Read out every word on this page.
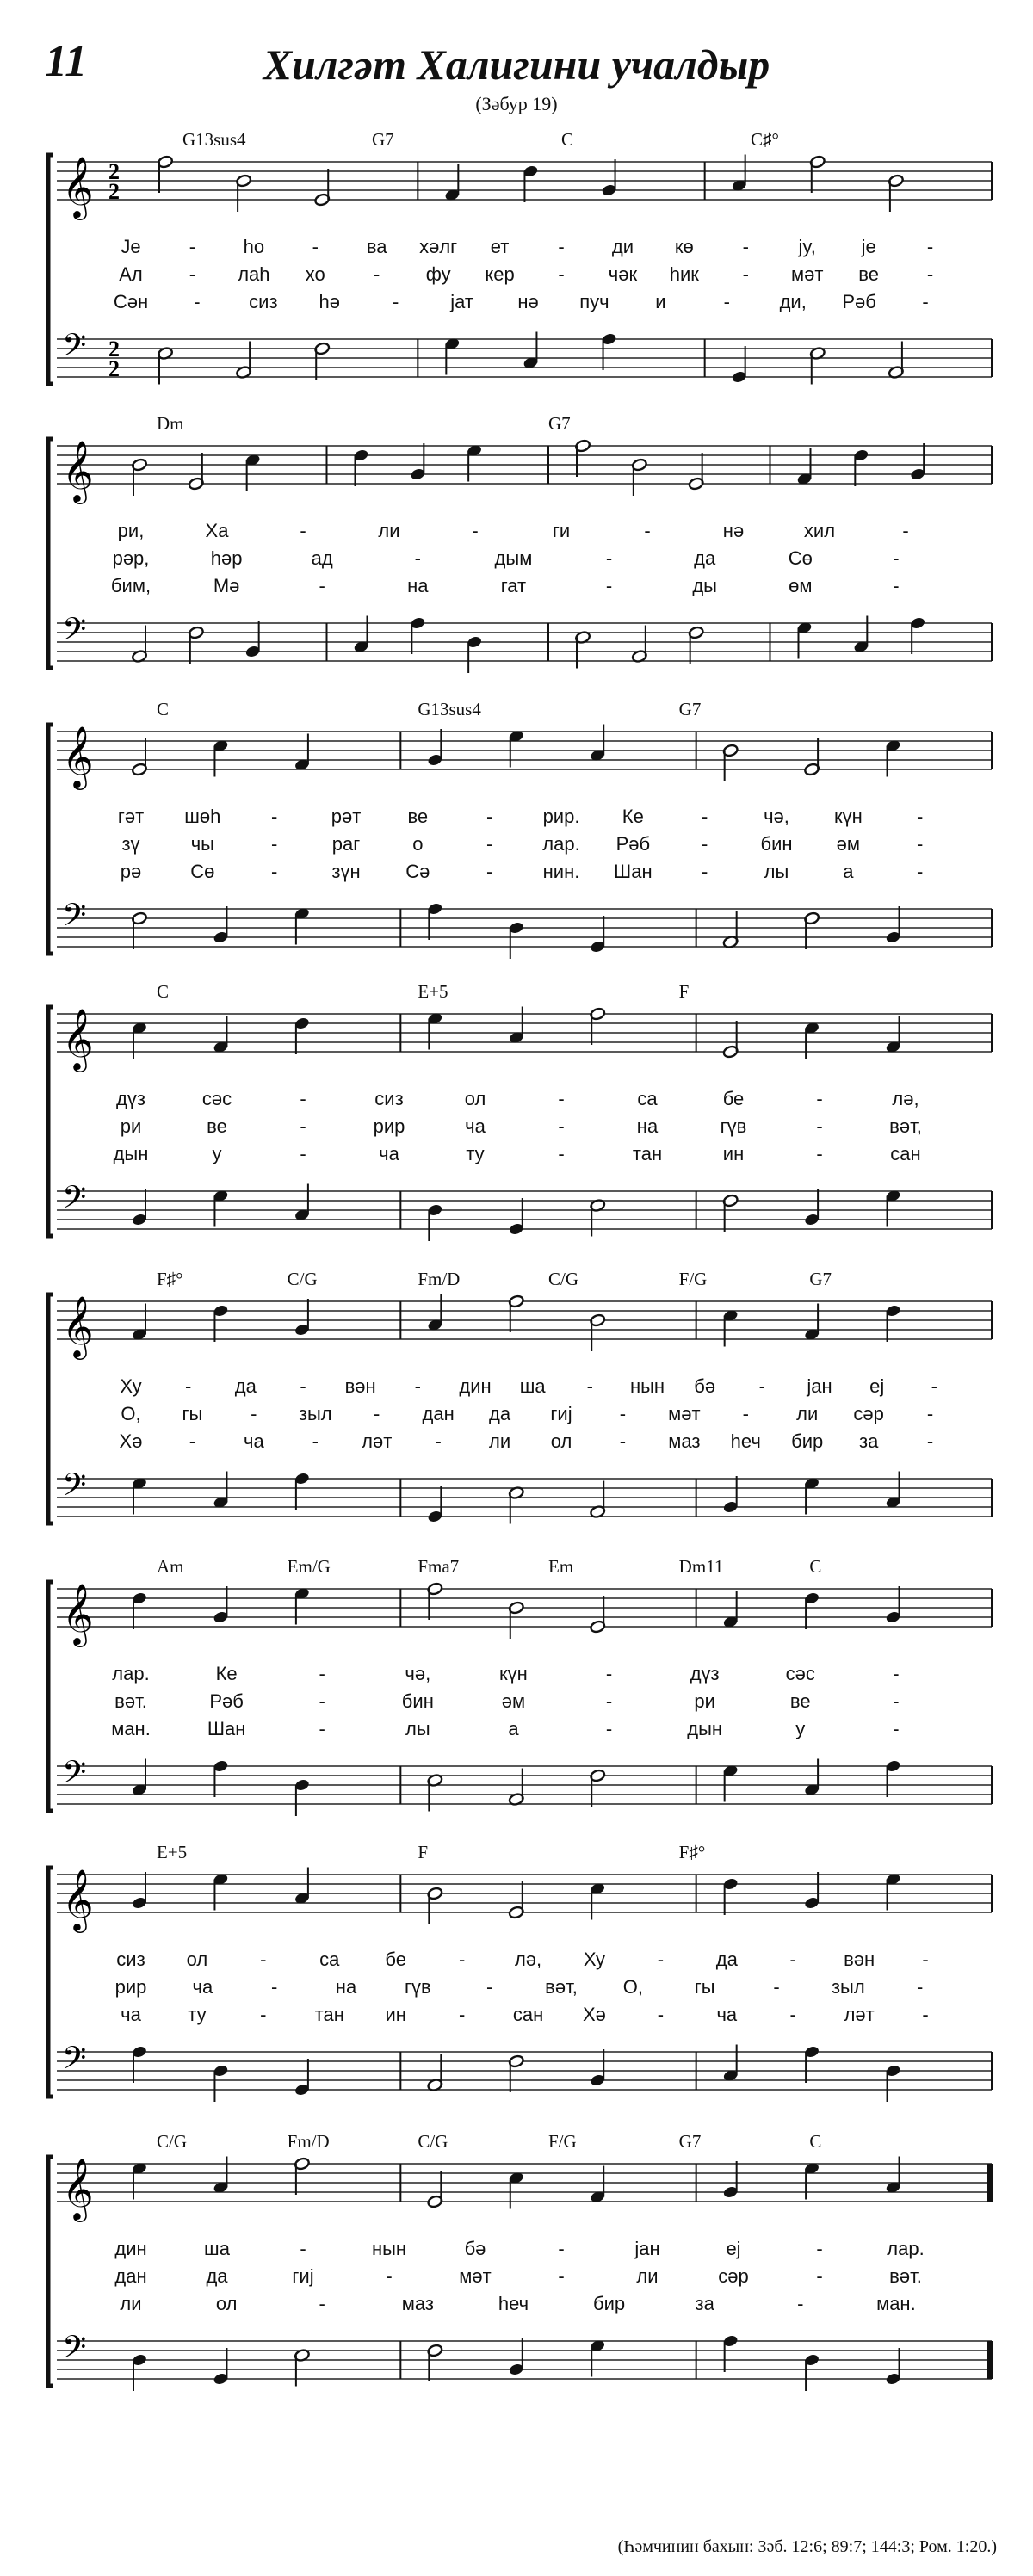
11	Хилгәт Халигини учалдыр
(Зәбур 19)
𝄞 2
2
𝄢 2
2
G13sus4	G7	C	C♯°
Je	-	hо	-	ва хәлг ет	-	ди кө	-	jy, je	-
Ал - лаh хо	- фу кер - чәк hик - мәт ве	-
Сән -	сиз hә	-	jат нә пуч и	-	ди, Рәб -
𝄞
𝄢
Dm	G7
ри,	Ха	-	ли	-	ги	-	нә	хил	-
рәр,	hәр	ад	-	дым	-	да	Сө	-
бим,	Мә	-	на	гат	-	ды	өм	-
𝄞
𝄢
C	G13sus4	G7
гәт шөh	-	рәт ве	-	рир. Ке	-	чә, күн	-
зү	чы	-	раг	о	-	лар. Рәб	-	бин әм	-
рә	Сө	-	зүн Сә	-	нин. Шан	-	лы	а	-
𝄞
𝄢
C	E+5	F
дүз	сәс	-	сиз	ол	-	са	бе	-	лә,
ри	ве	-	рир	ча	-	на	гүв	-	вәт,
дын	у	-	ча	ту	-	тан	ин	-	сан
𝄞
𝄢
F♯°	C/G	Fm/D	C/G	F/G	G7
Ху - да - вән - дин ша - нын бә - jан ej -
О, гы	- зыл - дан да гиj	- мәт -	ли сәр -
Хә -	ча	- ләт -	ли ол	- маз hеч бир за	-
𝄞
𝄢
Am	Em/G	Fma7	Em	Dm11	C
лар.	Ке	-	чә,	күн	-	дүз	сәс	-
вәт.	Рәб	-	бин	әм	-	ри	ве	-
ман.	Шан	-	лы	а	-	дын	у	-
𝄞
𝄢
E+5	F	F♯°
сиз ол	-	са бе	-	лә, Ху	-	да	-	вән	-
рир ча	-	на	гүв	-	вәт, О,	гы	-	зыл	-
ча ту	-	тан ин	-	сан Хә	-	ча	-	ләт	-
𝄞
𝄢
C/G	Fm/D	C/G	F/G	G7	C
дин	ша	-	нын	бә	-	jан	ej	-	лар.
дан	да	гиj	-	мәт	-	ли	сәр	-	вәт.
ли	ол	-	маз	hеч	бир	за	-	ман.
(Һәмчинин бахын: Зәб. 12:6; 89:7; 144:3; Ром. 1:20.)
